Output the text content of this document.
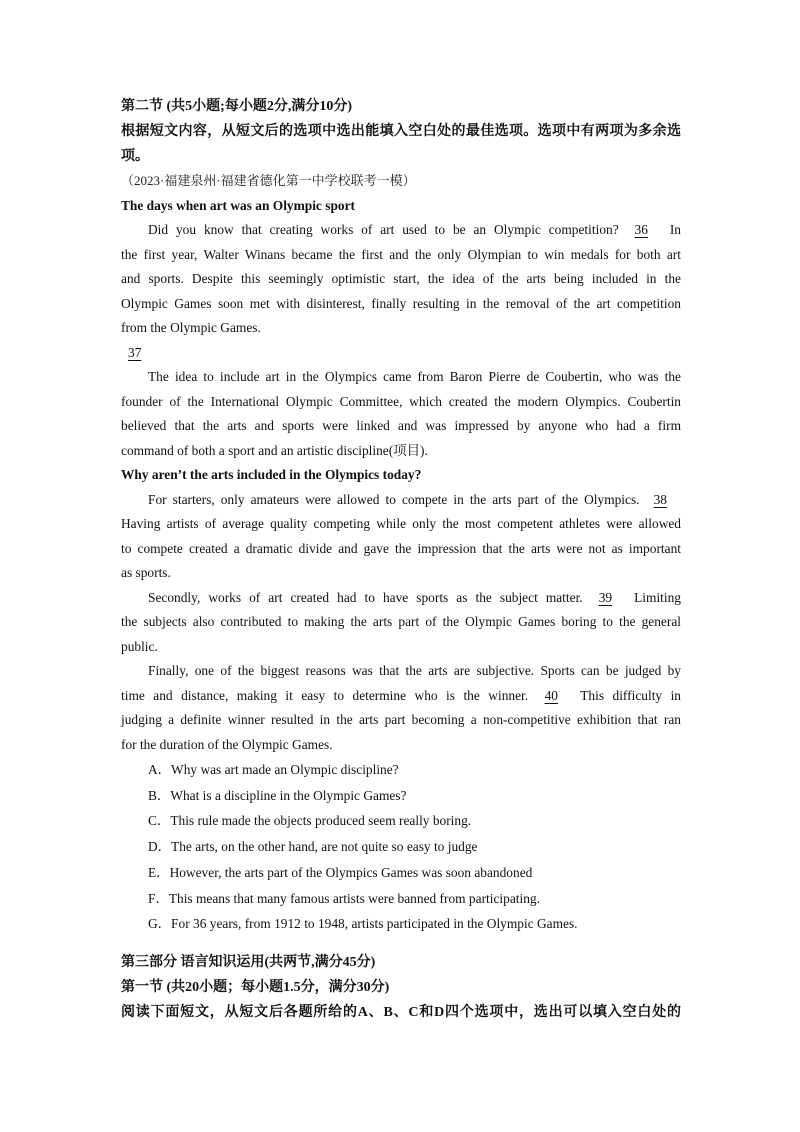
第二节 (共5小题;每小题2分,满分10分)
根据短文内容，从短文后的选项中选出能填入空白处的最佳选项。选项中有两项为多余选
项。
（2023·福建泉州·福建省德化第一中学校联考一模）
The days when art was an Olympic sport
Did you know that creating works of art used to be an Olympic competition? 36 In
the first year, Walter Winans became the first and the only Olympian to win medals for both art
and sports. Despite this seemingly optimistic start, the idea of the arts being included in the
Olympic Games soon met with disinterest, finally resulting in the removal of the art competition
from the Olympic Games.
37
The idea to include art in the Olympics came from Baron Pierre de Coubertin, who was the
founder of the International Olympic Committee, which created the modern Olympics. Coubertin
believed that the arts and sports were linked and was impressed by anyone who had a firm
command of both a sport and an artistic discipline(项目).
Why aren’t the arts included in the Olympics today?
For starters, only amateurs were allowed to compete in the arts part of the Olympics. 38
Having artists of average quality competing while only the most competent athletes were allowed
to compete created a dramatic divide and gave the impression that the arts were not as important
as sports.
Secondly, works of art created had to have sports as the subject matter. 39 Limiting
the subjects also contributed to making the arts part of the Olympic Games boring to the general
public.
Finally, one of the biggest reasons was that the arts are subjective. Sports can be judged by
time and distance, making it easy to determine who is the winner. 40 This difficulty in
judging a definite winner resulted in the arts part becoming a non-competitive exhibition that ran
for the duration of the Olympic Games.
A．Why was art made an Olympic discipline?
B．What is a discipline in the Olympic Games?
C．This rule made the objects produced seem really boring.
D．The arts, on the other hand, are not quite so easy to judge
E．However, the arts part of the Olympics Games was soon abandoned
F．This means that many famous artists were banned from participating.
G．For 36 years, from 1912 to 1948, artists participated in the Olympic Games.
第三部分 语言知识运用(共两节,满分45分)
第一节 (共20小题；每小题1.5分，满分30分)
阅读下面短文，从短文后各题所给的A、B、C和D四个选项中，选出可以填入空白处的
